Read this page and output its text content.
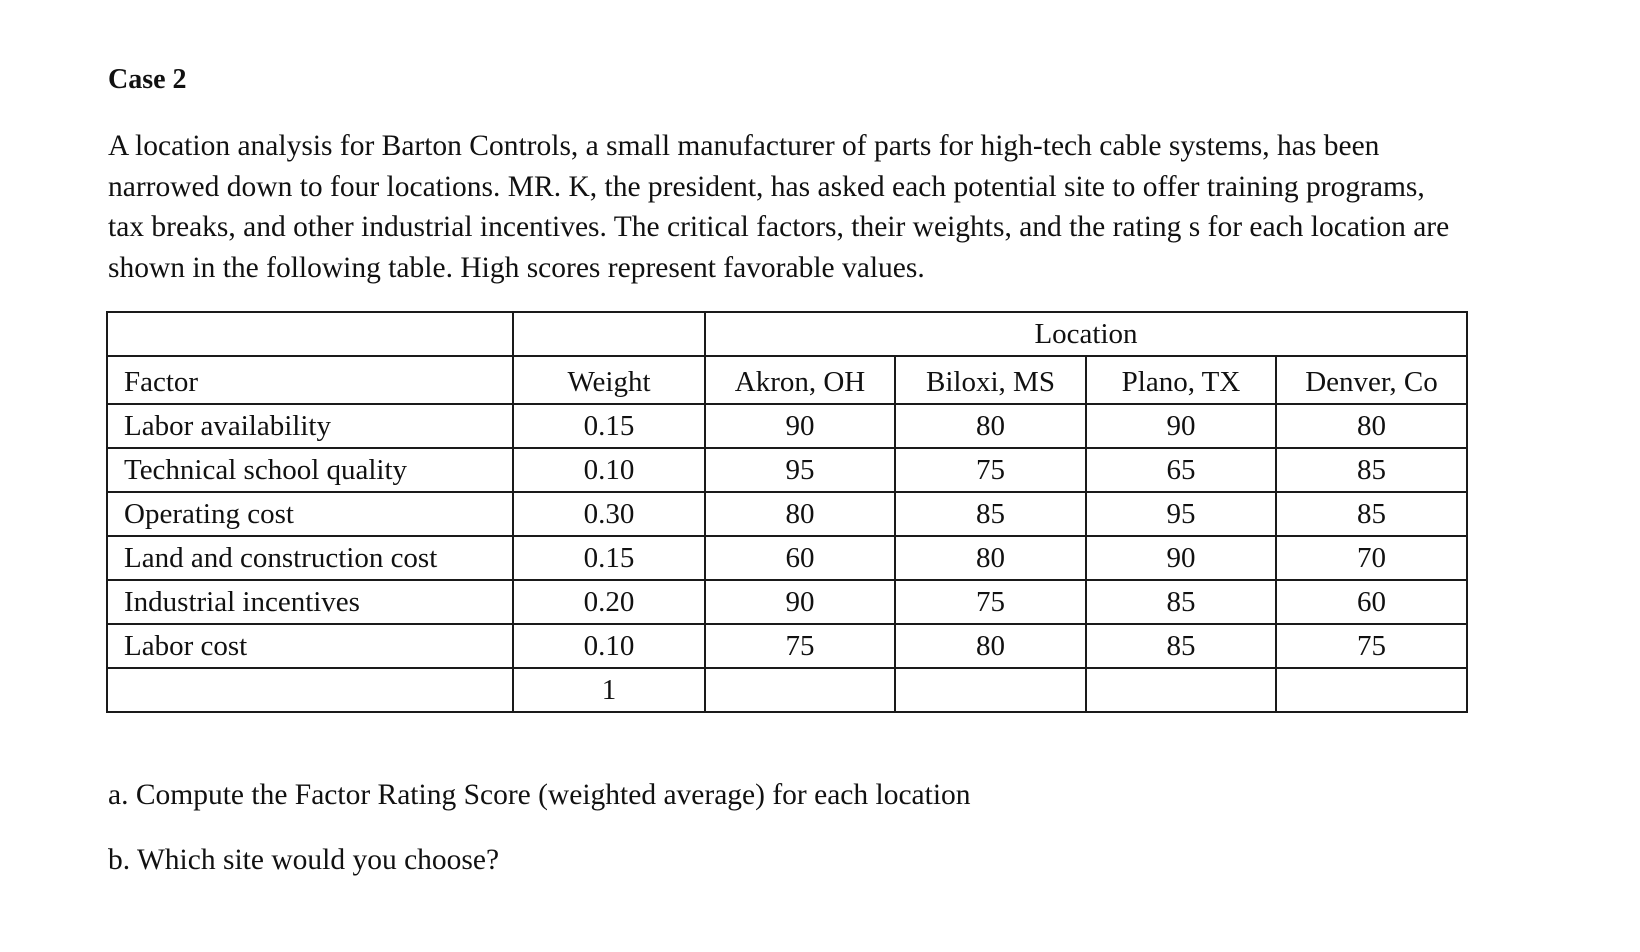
Case 2
A location analysis for Barton Controls, a small manufacturer of parts for high-tech cable systems, has been
narrowed down to four locations. MR. K, the president, has asked each potential site to offer training programs,
tax breaks, and other industrial incentives. The critical factors, their weights, and the rating s for each location are
shown in the following table. High scores represent favorable values.
		Location			
Factor	Weight	Akron, OH	Biloxi, MS	Plano, TX	Denver, Co
Labor availability	0.15	90	80	90	80
Technical school quality	0.10	95	75	65	85
Operating cost	0.30	80	85	95	85
Land and construction cost	0.15	60	80	90	70
Industrial incentives	0.20	90	75	85	60
Labor cost	0.10	75	80	85	75
	1				
a. Compute the Factor Rating Score (weighted average) for each location
b. Which site would you choose?
